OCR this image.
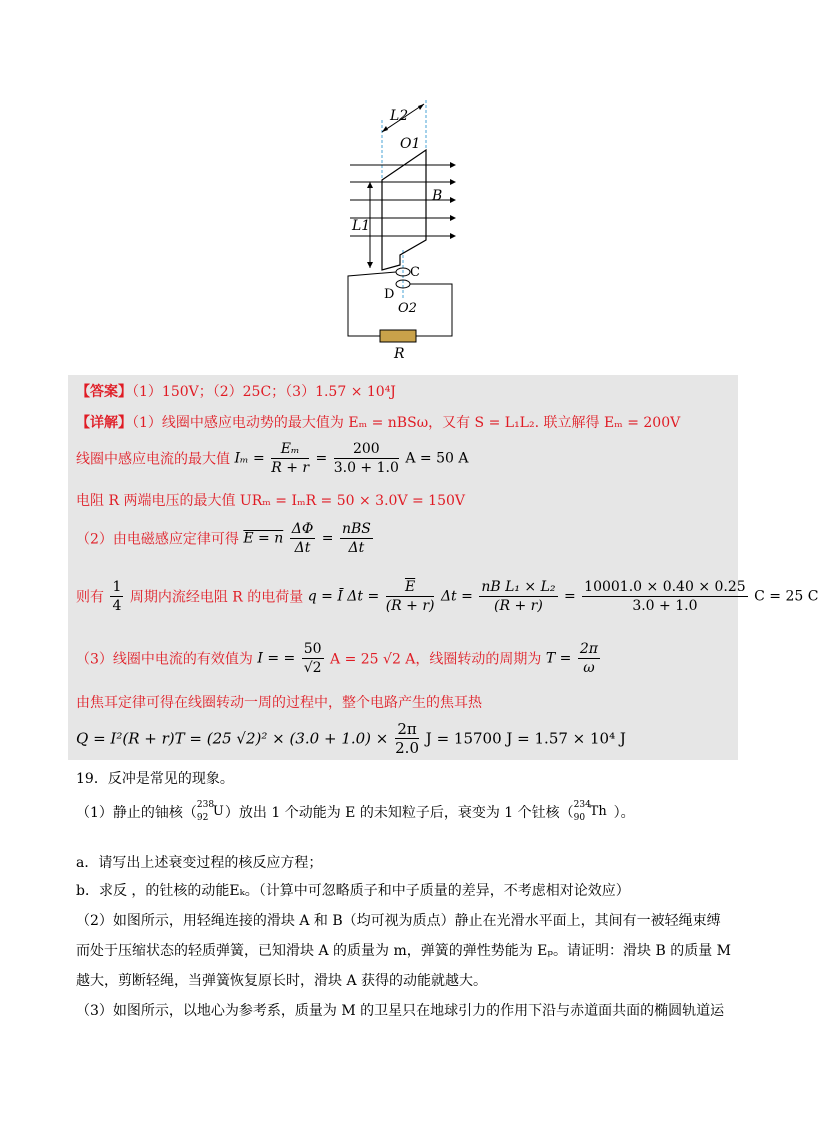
L2
O1
B
L1
C
D
O2
R
【答案】（1）150V；（2）25C；（3）1.57 × 10⁴J
【详解】（1）线圈中感应电动势的最大值为 Eₘ = nBSω，又有 S = L₁L₂. 联立解得 Eₘ = 200V
线圈中感应电流的最大值 $I_m = \frac{\text{Eₘ}}{R + r} = \frac{200}{3.0 + 1.0}$ A = 50 A
电阻 R 两端电压的最大值 URₘ = IₘR = 50 × 3.0V = 150V
（2）由电磁感应定律可得 E = n $\frac{\Delta\Phi}{\Delta t} = \frac{\text{nBS}}{\Delta t}$
则有 $\frac{1}{4}$ 周期内流经电阻 R 的电荷量 q = Ī $\Delta t = \frac{\overline{E}}{(R + r)}$ $\Delta t = \frac{\text{nB L₁ × L₂}}{(R + r)} = \frac{10001.0 \times 0.40 \times 0.25}{3.0 + 1.0}$ C = 25 C
（3）线圈中电流的有效值为 I = = $\frac{50}{√2}$ A = 25 √2 A，线圈转动的周期为 $T = \frac{2\pi}{\omega}$
由焦耳定律可得在线圈转动一周的过程中，整个电路产生的焦耳热
Q = I²(R + r)T = (25 $√2)^2 \times (3.0 + 1.0) \times \frac{2\pi}{2.0}$ J = 15700 J = 1.57 × 10⁴ J
19．反冲是常见的现象。
（1）静止的铀核（ 238
92 U ）放出 1 个动能为 E 的未知粒子后，衰变为 1 个钍核（ 234
90 Th ）。
a．请写出上述衰变过程的核反应方程；
b．求反 ，的钍核的动能Eₖ。（计算中可忽略质子和中子质量的差异，不考虑相对论效应）
（2）如图所示，用轻绳连接的滑块 A 和 B（均可视为质点）静止在光滑水平面上，其间有一被轻绳束缚
而处于压缩状态的轻质弹簧，已知滑块 A 的质量为 m，弹簧的弹性势能为 Eₚ。请证明：滑块 B 的质量 M
越大，剪断轻绳，当弹簧恢复原长时，滑块 A 获得的动能就越大。
（3）如图所示，以地心为参考系，质量为 M 的卫星只在地球引力的作用下沿与赤道面共面的椭圆轨道运
